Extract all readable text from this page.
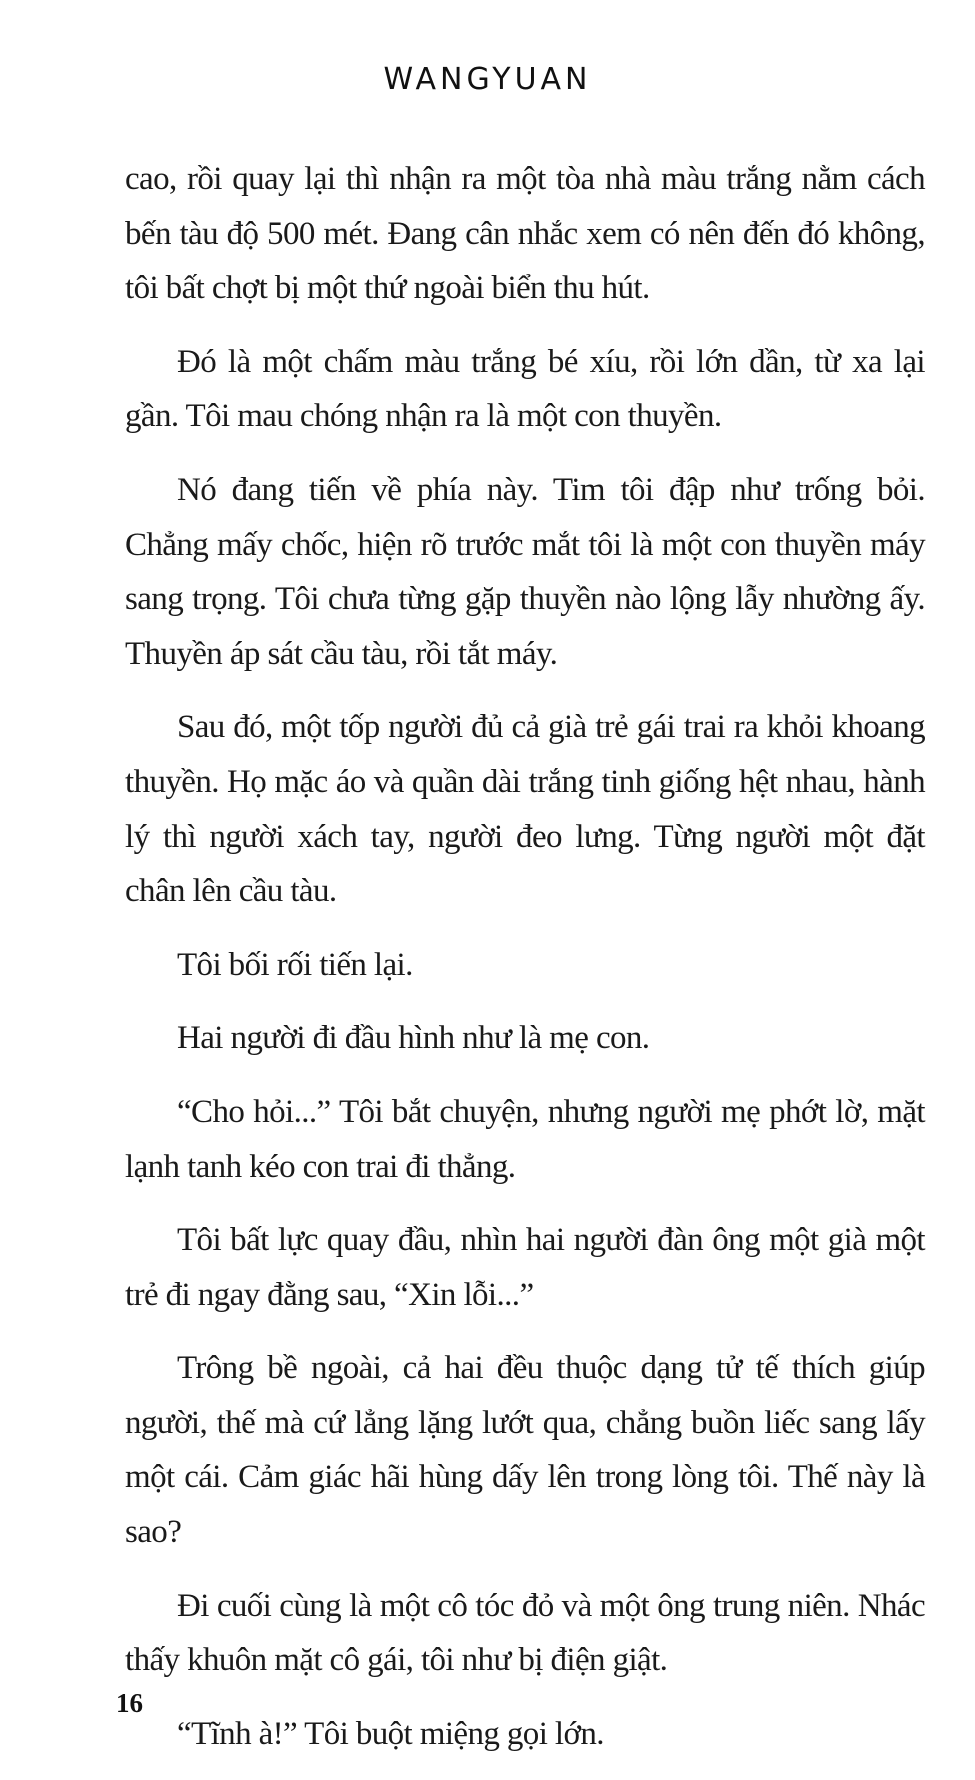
WANGYUAN

cao, rồi quay lại thì nhận ra một tòa nhà màu trắng nằm cách bến tàu độ 500 mét. Đang cân nhắc xem có nên đến đó không, tôi bất chợt bị một thứ ngoài biển thu hút.

Đó là một chấm màu trắng bé xíu, rồi lớn dần, từ xa lại gần. Tôi mau chóng nhận ra là một con thuyền.

Nó đang tiến về phía này. Tim tôi đập như trống bỏi. Chẳng mấy chốc, hiện rõ trước mắt tôi là một con thuyền máy sang trọng. Tôi chưa từng gặp thuyền nào lộng lẫy nhường ấy. Thuyền áp sát cầu tàu, rồi tắt máy.

Sau đó, một tốp người đủ cả già trẻ gái trai ra khỏi khoang thuyền. Họ mặc áo và quần dài trắng tinh giống hệt nhau, hành lý thì người xách tay, người đeo lưng. Từng người một đặt chân lên cầu tàu.

Tôi bối rối tiến lại.

Hai người đi đầu hình như là mẹ con.

“Cho hỏi...” Tôi bắt chuyện, nhưng người mẹ phớt lờ, mặt lạnh tanh kéo con trai đi thẳng.

Tôi bất lực quay đầu, nhìn hai người đàn ông một già một trẻ đi ngay đằng sau, “Xin lỗi...”

Trông bề ngoài, cả hai đều thuộc dạng tử tế thích giúp người, thế mà cứ lẳng lặng lướt qua, chẳng buồn liếc sang lấy một cái. Cảm giác hãi hùng dấy lên trong lòng tôi. Thế này là sao?

Đi cuối cùng là một cô tóc đỏ và một ông trung niên. Nhác thấy khuôn mặt cô gái, tôi như bị điện giật.

“Tĩnh à!” Tôi buột miệng gọi lớn.

16
